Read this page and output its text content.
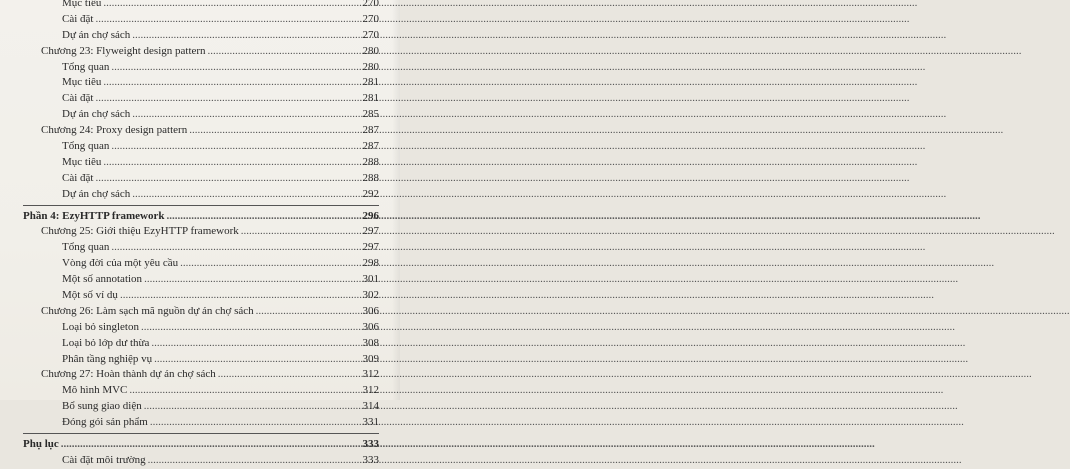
Mục tiêu .....	270
Cài đặt .....	270
Dự án chợ sách .....	270
Chương 23: Flyweight design pattern .....	280
Tổng quan .....	280
Mục tiêu .....	281
Cài đặt .....	281
Dự án chợ sách .....	285
Chương 24: Proxy design pattern .....	287
Tổng quan .....	287
Mục tiêu .....	288
Cài đặt .....	288
Dự án chợ sách .....	292
Phần 4: EzyHTTP framework .....	296
Chương 25: Giới thiệu EzyHTTP framework .....	297
Tổng quan .....	297
Vòng đời của một yêu cầu .....	298
Một số annotation .....	301
Một số ví dụ .....	302
Chương 26: Làm sạch mã nguồn dự án chợ sách .....	306
Loại bỏ singleton .....	306
Loại bỏ lớp dư thừa .....	308
Phân tầng nghiệp vụ .....	309
Chương 27: Hoàn thành dự án chợ sách .....	312
Mô hình MVC .....	312
Bổ sung giao diện .....	314
Đóng gói sản phẩm .....	331
Phụ lục .....	333
Cài đặt môi trường .....	333
